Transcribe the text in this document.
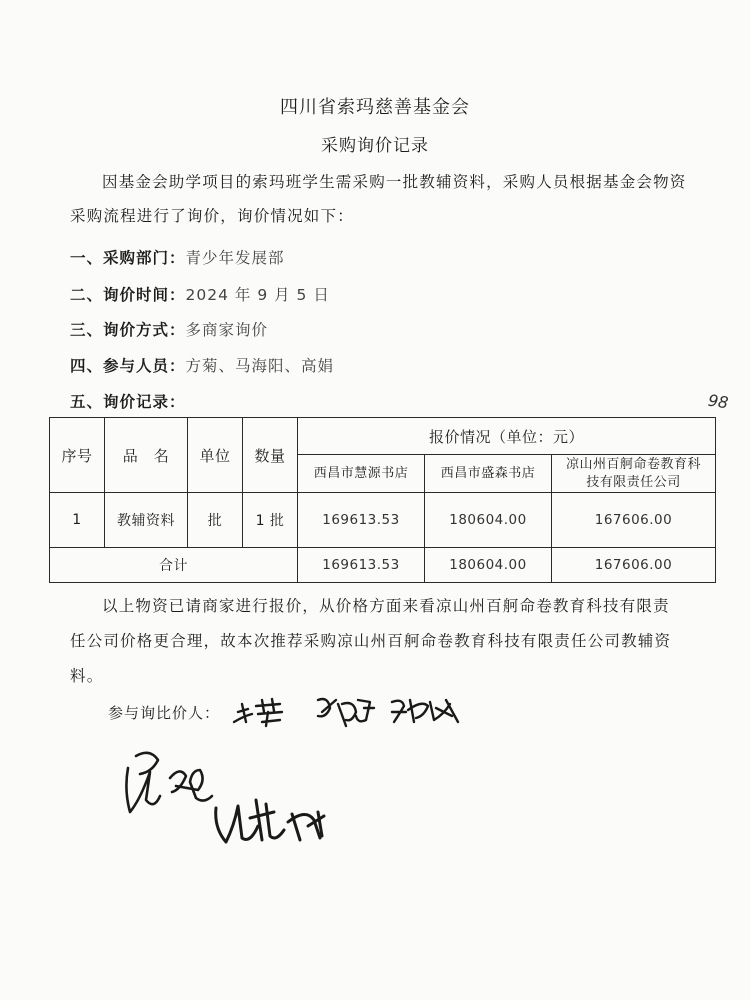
四川省索玛慈善基金会
采购询价记录
因基金会助学项目的索玛班学生需采购一批教辅资料，采购人员根据基金会物资采购流程进行了询价，询价情况如下：
一、采购部门：青少年发展部
二、询价时间：2024 年 9 月 5 日
三、询价方式：多商家询价
四、参与人员：方菊、马海阳、高娟
五、询价记录：	98
序号	品　名	单位	数量	报价情况（单位：元）		
				西昌市慧源书店	西昌市盛森书店	凉山州百舸命卷教育科技有限责任公司
1	教辅资料	批	1 批	169613.53	180604.00	167606.00
合计				169613.53	180604.00	167606.00
以上物资已请商家进行报价，从价格方面来看凉山州百舸命卷教育科技有限责任公司价格更合理，故本次推荐采购凉山州百舸命卷教育科技有限责任公司教辅资料。
参与询比价人：
